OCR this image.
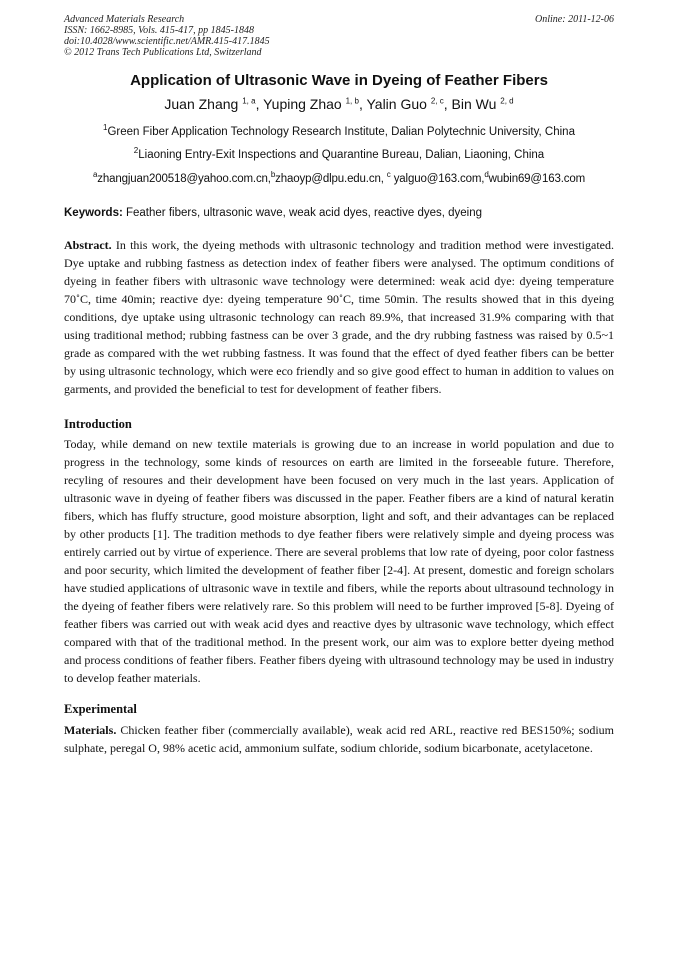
Advanced Materials Research
ISSN: 1662-8985, Vols. 415-417, pp 1845-1848
doi:10.4028/www.scientific.net/AMR.415-417.1845
© 2012 Trans Tech Publications Ltd, Switzerland
Online: 2011-12-06
Application of Ultrasonic Wave in Dyeing of Feather Fibers
Juan Zhang $^{1, a}$, Yuping Zhao $^{1, b}$, Yalin Guo $^{2, c}$, Bin Wu $^{2, d}$
$^1$Green Fiber Application Technology Research Institute, Dalian Polytechnic University, China
$^2$Liaoning Entry-Exit Inspections and Quarantine Bureau, Dalian, Liaoning, China
$^a$zhangjuan200518@yahoo.com.cn,$^b$zhaoyp@dlpu.edu.cn, $^c$ yalguo@163.com,$^d$wubin69@163.com
Keywords: Feather fibers, ultrasonic wave, weak acid dyes, reactive dyes, dyeing

Abstract. In this work, the dyeing methods with ultrasonic technology and tradition method were investigated. Dye uptake and rubbing fastness as detection index of feather fibers were analysed. The optimum conditions of dyeing in feather fibers with ultrasonic wave technology were determined: weak acid dye: dyeing temperature 70˚C, time 40min; reactive dye: dyeing temperature 90˚C, time 50min. The results showed that in this dyeing conditions, dye uptake using ultrasonic technology can reach 89.9%, that increased 31.9% comparing with that using traditional method; rubbing fastness can be over 3 grade, and the dry rubbing fastness was raised by 0.5~1 grade as compared with the wet rubbing fastness. It was found that the effect of dyed feather fibers can be better by using ultrasonic technology, which were eco friendly and so give good effect to human in addition to values on garments, and provided the beneficial to test for development of feather fibers.

Introduction

Today, while demand on new textile materials is growing due to an increase in world population and due to progress in the technology, some kinds of resources on earth are limited in the forseeable future. Therefore, recyling of resoures and their development have been focused on very much in the last years. Application of ultrasonic wave in dyeing of feather fibers was discussed in the paper. Feather fibers are a kind of natural keratin fibers, which has fluffy structure, good moisture absorption, light and soft, and their advantages can be replaced by other products [1]. The tradition methods to dye feather fibers were relatively simple and dyeing process was entirely carried out by virtue of experience. There are several problems that low rate of dyeing, poor color fastness and poor security, which limited the development of feather fiber [2-4]. At present, domestic and foreign scholars have studied applications of ultrasonic wave in textile and fibers, while the reports about ultrasound technology in the dyeing of feather fibers were relatively rare. So this problem will need to be further improved [5-8]. Dyeing of feather fibers was carried out with weak acid dyes and reactive dyes by ultrasonic wave technology, which effect compared with that of the traditional method. In the present work, our aim was to explore better dyeing method and process conditions of feather fibers. Feather fibers dyeing with ultrasound technology may be used in industry to develop feather materials.

Experimental

Materials. Chicken feather fiber (commercially available), weak acid red ARL, reactive red BES150%; sodium sulphate, peregal O, 98% acetic acid, ammonium sulfate, sodium chloride, sodium bicarbonate, acetylacetone.
